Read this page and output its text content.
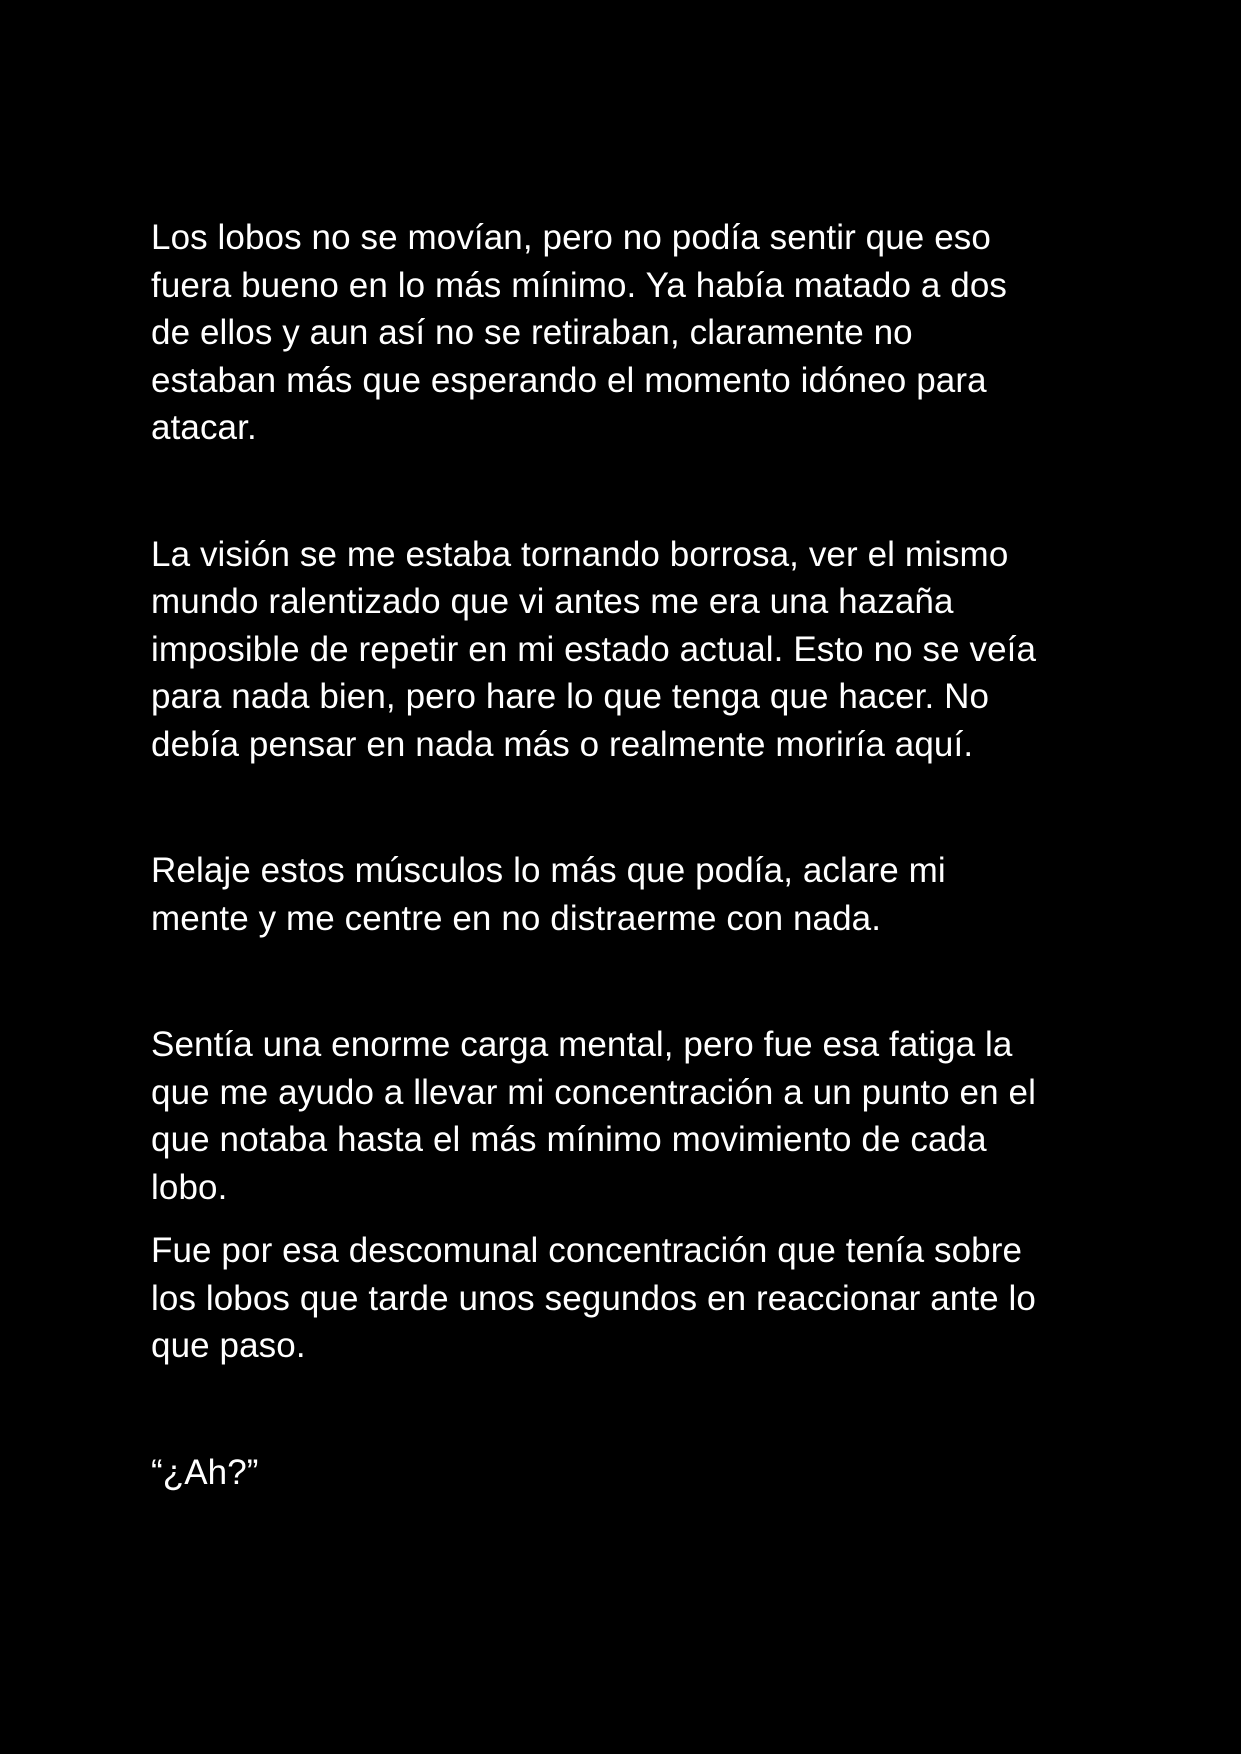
Los lobos no se movían, pero no podía sentir que eso
fuera bueno en lo más mínimo. Ya había matado a dos
de ellos y aun así no se retiraban, claramente no
estaban más que esperando el momento idóneo para
atacar.

La visión se me estaba tornando borrosa, ver el mismo
mundo ralentizado que vi antes me era una hazaña
imposible de repetir en mi estado actual. Esto no se veía
para nada bien, pero hare lo que tenga que hacer. No
debía pensar en nada más o realmente moriría aquí.

Relaje estos músculos lo más que podía, aclare mi
mente y me centre en no distraerme con nada.

Sentía una enorme carga mental, pero fue esa fatiga la
que me ayudo a llevar mi concentración a un punto en el
que notaba hasta el más mínimo movimiento de cada
lobo.

Fue por esa descomunal concentración que tenía sobre
los lobos que tarde unos segundos en reaccionar ante lo
que paso.

“¿Ah?”
